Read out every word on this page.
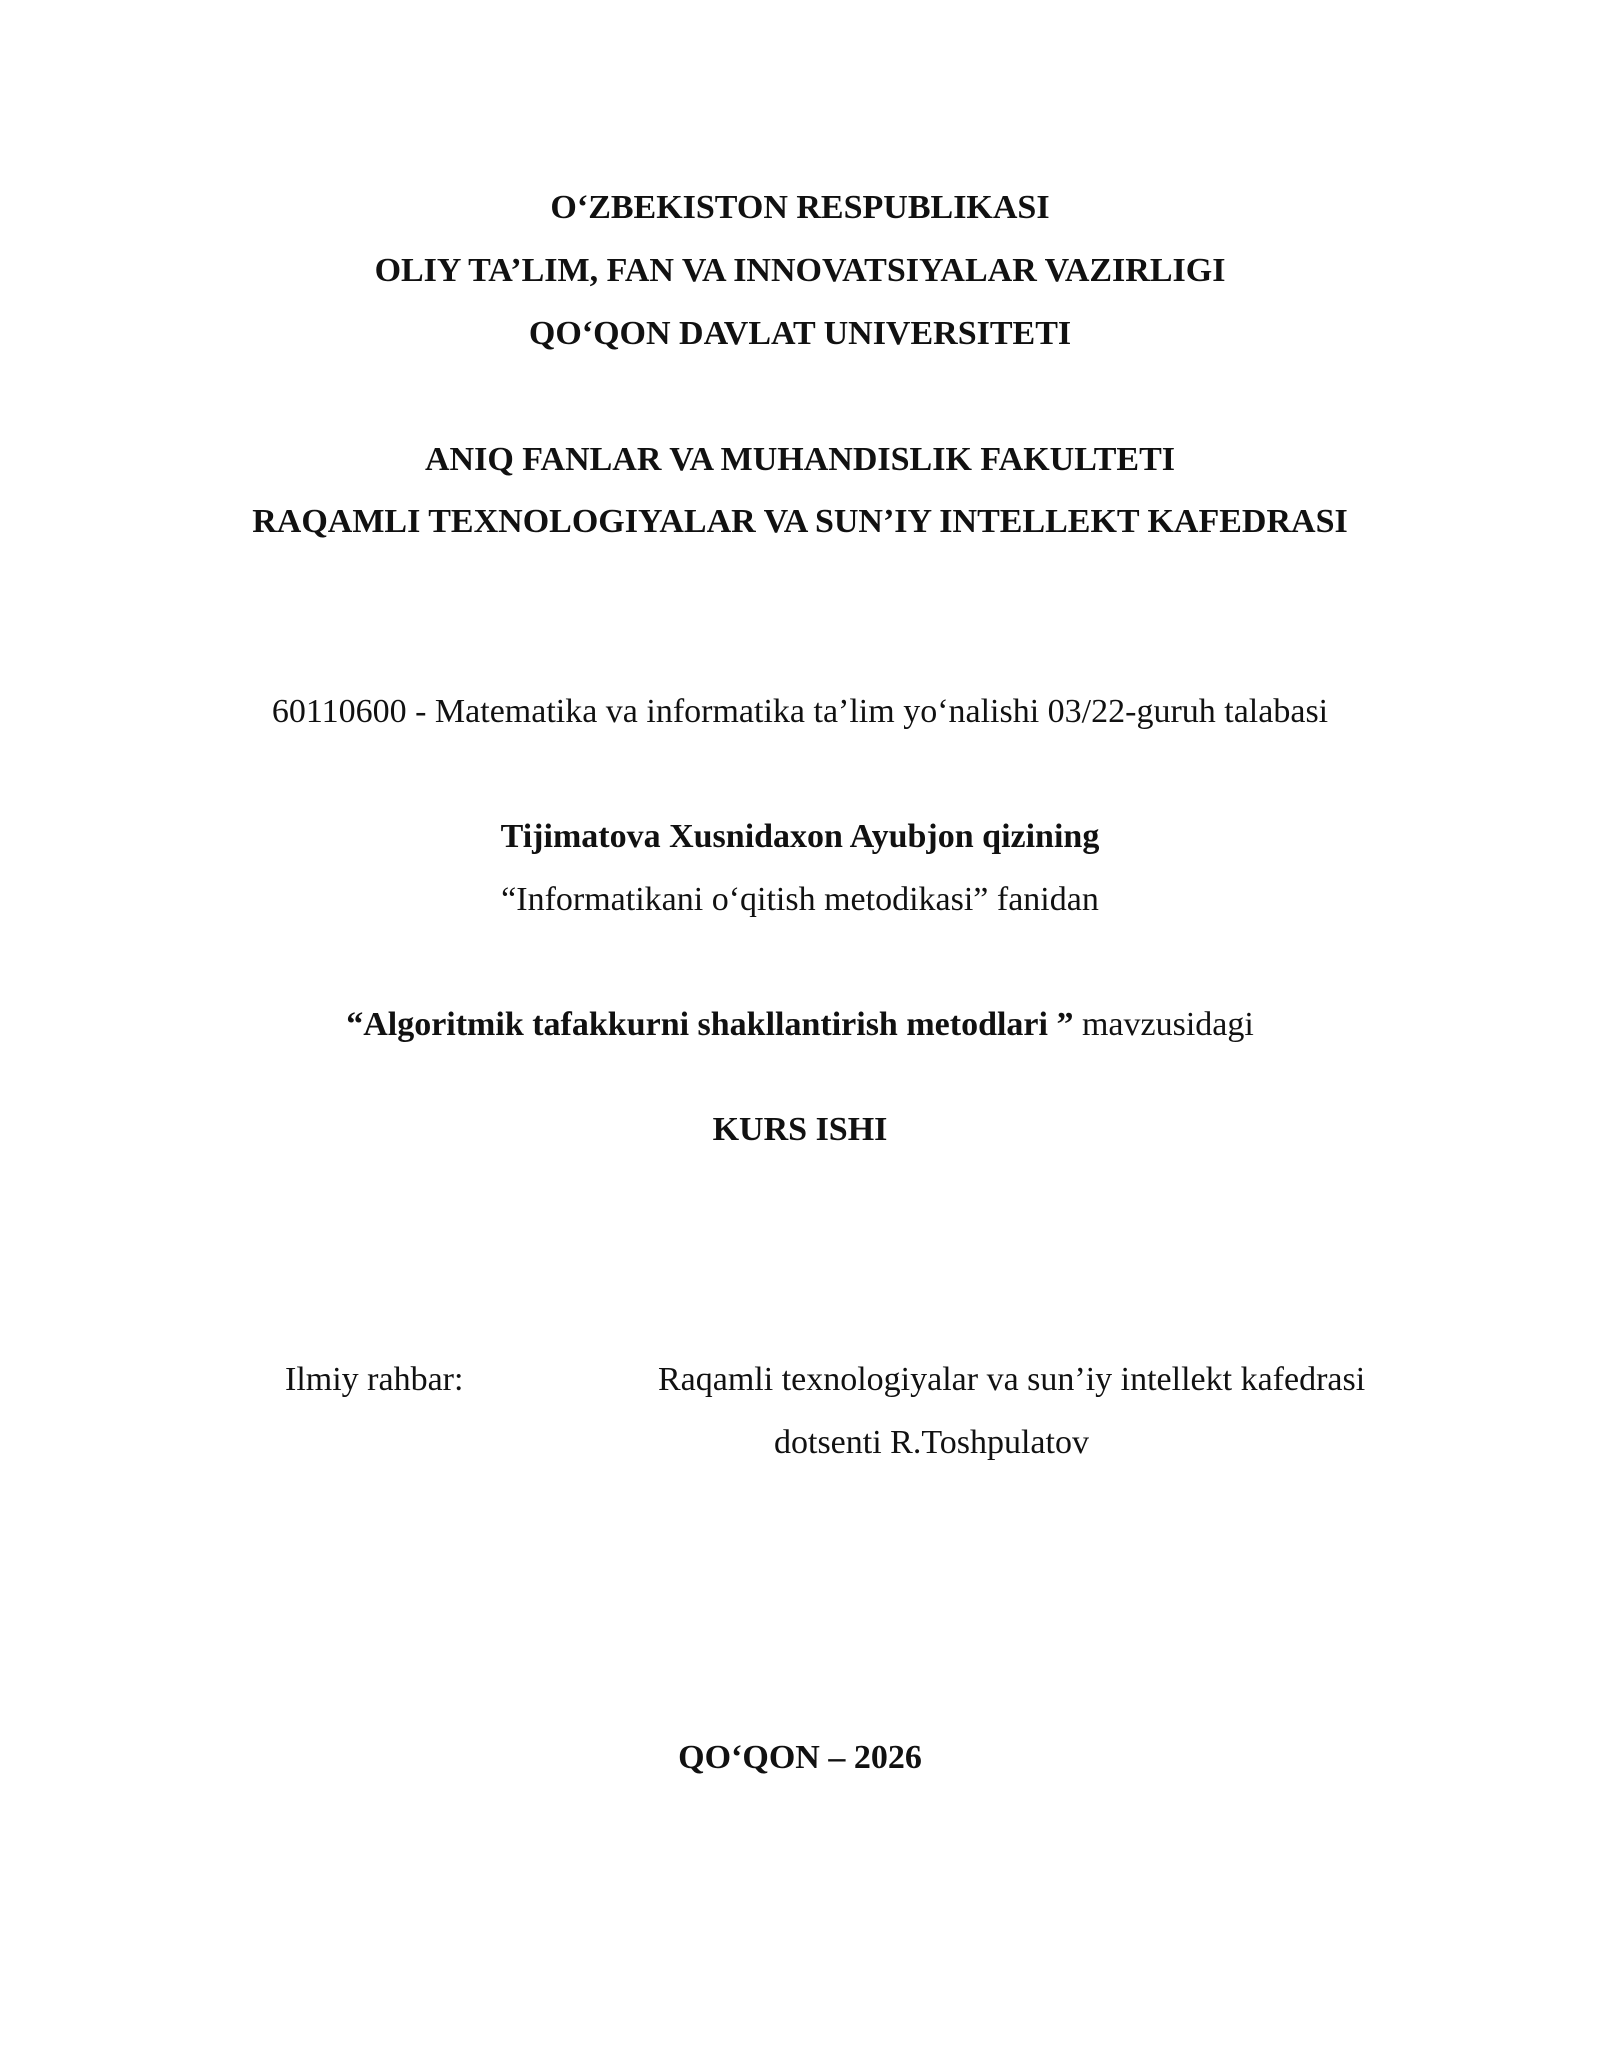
O‘ZBEKISTON RESPUBLIKASI
OLIY TA’LIM, FAN VA INNOVATSIYALAR VAZIRLIGI
QO‘QON DAVLAT UNIVERSITETI
ANIQ FANLAR VA MUHANDISLIK FAKULTETI
RAQAMLI TEXNOLOGIYALAR VA SUN’IY INTELLEKT KAFEDRASI
60110600 - Matematika va informatika ta’lim yo‘nalishi 03/22-guruh talabasi
Tijimatova Xusnidaxon Ayubjon qizining
“Informatikani o‘qitish metodikasi” fanidan
“Algoritmik tafakkurni shakllantirish metodlari ” mavzusidagi
KURS ISHI
Ilmiy rahbar:	Raqamli texnologiyalar va sun’iy intellekt kafedrasi
dotsenti R.Toshpulatov
QO‘QON – 2026
